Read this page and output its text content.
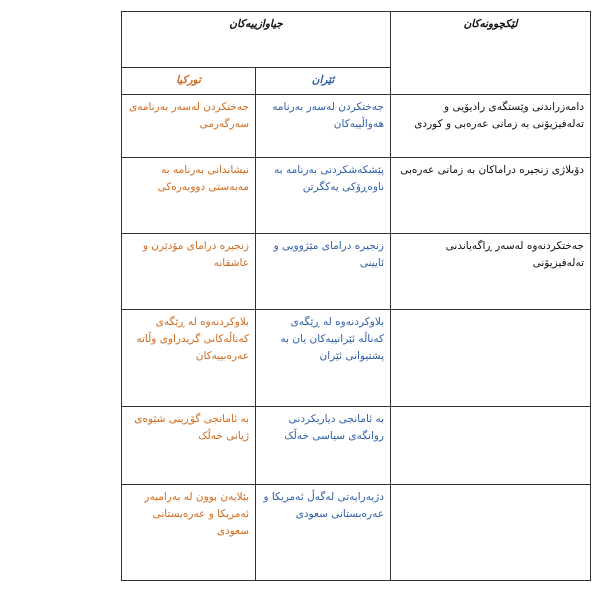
لێکچوونەکان	جیاوازییەکان	
	ئێران	تورکیا
دامەزراندنی وێستگەی رادیۆیی و تەلەفیزیۆنی بە زمانی عەرەبی و کوردی	جەختکردن لەسەر بەرنامە هەواڵییەکان	جەختکردن لەسەر بەرنامەی سەرگەرمی
دۆبلاژی زنجیرە دراماکان بە زمانی عەرەبی	پێشکەشکردنی بەرنامە بە ناوەڕۆکی یەکگرتن	نیشاندانی بەرنامە بە مەبەستی دووبەرەکی
جەختکردنەوە لەسەر ڕاگەیاندنی تەلەفیزیۆنی	زنجیرە درامای مێژوویی و ئایینی	زنجیرە درامای مۆدێرن و عاشقانە
	بلاوکردنەوە لە ڕێگەی کەناڵە ئێرانییەکان یان بە پشتیوانی ئێران	بلاوکردنەوە لە ڕێگەی کەناڵەکانی گریدراوی وڵاتە عەرەبییەکان
	بە ئامانجی دیاریکردنی روانگەی سیاسی خەڵک	بە ئامانجی گۆڕینی شێوەی ژیانی خەڵک
	دژبەرایەتی لەگەڵ ئەمریکا و عەرەبستانی سعودی	بێلایەن بوون لە بەرامبەر ئەمریکا و عەرەبستانی سعودی
